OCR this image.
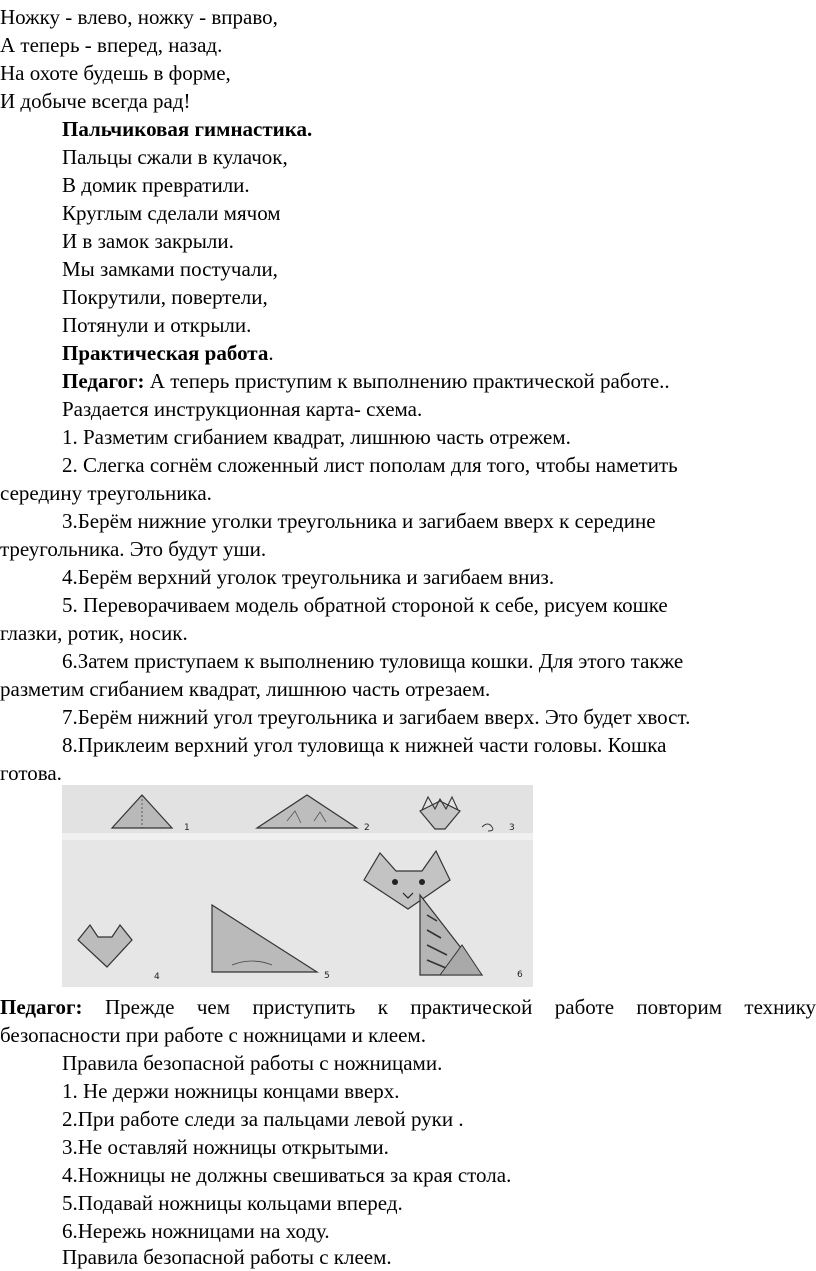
Ножку - влево, ножку - вправо,
А теперь - вперед, назад.
На охоте будешь в форме,
И добыче всегда рад!
Пальчиковая гимнастика.
Пальцы сжали в кулачок,
В домик превратили.
Круглым сделали мячом
И в замок закрыли.
Мы замками постучали,
Покрутили, повертели,
Потянули и открыли.
Практическая работа.
Педагог: А теперь приступим к выполнению практической работе..
Раздается инструкционная карта- схема.
1. Разметим сгибанием квадрат, лишнюю часть отрежем.
2. Слегка согнём сложенный лист пополам для того, чтобы наметить
середину треугольника.
3.Берём нижние уголки треугольника и загибаем вверх к середине
треугольника. Это будут уши.
4.Берём верхний уголок треугольника и загибаем вниз.
5. Переворачиваем модель обратной стороной к себе, рисуем кошке
глазки, ротик, носик.
6.Затем приступаем к выполнению туловища кошки. Для этого также
разметим сгибанием квадрат, лишнюю часть отрезаем.
7.Берём нижний угол треугольника и загибаем вверх. Это будет хвост.
8.Приклеим верхний угол туловища к нижней части головы. Кошка
готова.
1	2	3
4	5	6
Педагог: Прежде чем приступить к практической работе повторим технику
безопасности при работе с ножницами и клеем.
Правила безопасной работы с ножницами.
1. Не держи ножницы концами вверх.
2.При работе следи за пальцами левой руки .
3.Не оставляй ножницы открытыми.
4.Ножницы не должны свешиваться за края стола.
5.Подавай ножницы кольцами вперед.
6.Нережь ножницами на ходу.
Правила безопасной работы с клеем.
